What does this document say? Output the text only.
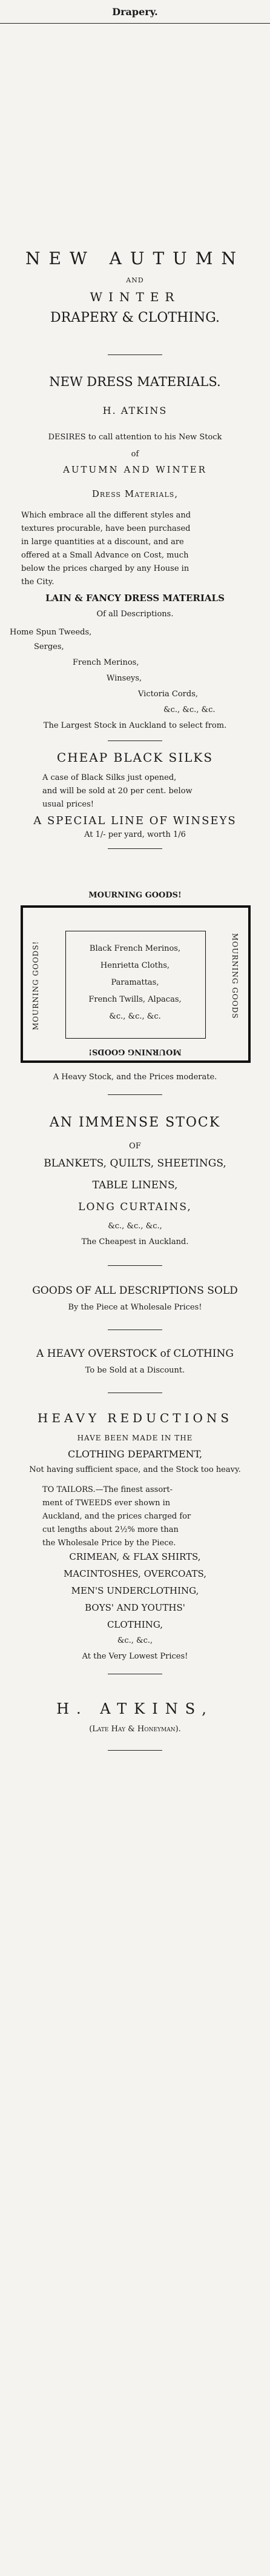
Drapery.
NEW AUTUMN
AND
WINTER
DRAPERY & CLOTHING.
NEW DRESS MATERIALS.
H. ATKINS
DESIRES to call attention to his New Stock
of
AUTUMN AND WINTER
Dress Materials,
Which embrace all the different styles and
textures procurable, have been purchased
in large quantities at a discount, and are
offered at a Small Advance on Cost, much
below the prices charged by any House in
the City.
LAIN & FANCY DRESS MATERIALS
Of all Descriptions.
Home Spun Tweeds,
Serges,
French Merinos,
Winseys,
Victoria Cords,
&c., &c., &c.
The Largest Stock in Auckland to select from.
CHEAP BLACK SILKS
A case of Black Silks just opened,
and will be sold at 20 per cent. below
usual prices!
A SPECIAL LINE OF WINSEYS
At 1/- per yard, worth 1/6
MOURNING GOODS!
MOURNING GOODS!	MOURNING GOODS
Black French Merinos,
Henrietta Cloths,
Paramattas,
French Twills, Alpacas,
&c., &c., &c.
MOURNING GOODS!
A Heavy Stock, and the Prices moderate.
AN IMMENSE STOCK
OF
BLANKETS, QUILTS, SHEETINGS,
TABLE LINENS,
LONG CURTAINS,
&c., &c., &c.,
The Cheapest in Auckland.
GOODS OF ALL DESCRIPTIONS SOLD
By the Piece at Wholesale Prices!
A HEAVY OVERSTOCK of CLOTHING
To be Sold at a Discount.
HEAVY REDUCTIONS
HAVE BEEN MADE IN THE
CLOTHING DEPARTMENT,
Not having sufficient space, and the Stock too heavy.
TO TAILORS.—The finest assort-
ment of TWEEDS ever shown in
Auckland, and the prices charged for
cut lengths about 2½% more than
the Wholesale Price by the Piece.
CRIMEAN, & FLAX SHIRTS,
MACINTOSHES, OVERCOATS,
MEN'S UNDERCLOTHING,
BOYS' AND YOUTHS'
CLOTHING,
&c., &c.,
At the Very Lowest Prices!
H. ATKINS,
(Late Hay & Honeyman).
